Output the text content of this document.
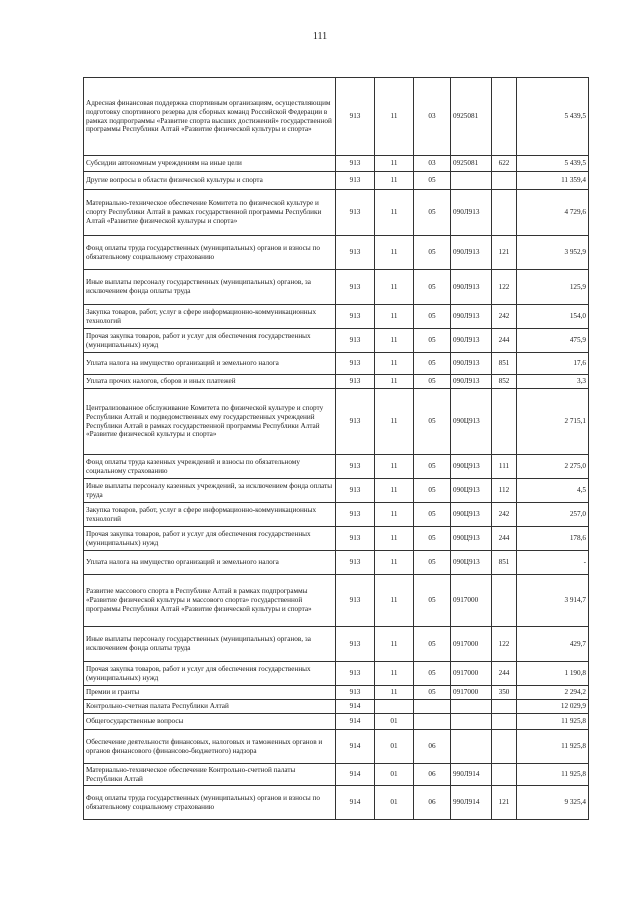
111
Адресная финансовая поддержка спортивным организациям, осуществляющим подготовку спортивного резерва для сборных команд Российской Федерации в рамках подпрограммы «Развитие спорта высших достижений» государственной программы Республики Алтай «Развитие физической культуры и спорта»	913	11	03	0925081		5 439,5
Субсидии автономным учреждениям на иные цели	913	11	03	0925081	622	5 439,5
Другие вопросы в области физической культуры и спорта	913	11	05			11 359,4
Материально-техническое обеспечение Комитета по физической культуре и спорту Республики Алтай в рамках государственной программы Республики Алтай «Развитие физической культуры и спорта»	913	11	05	090Л913		4 729,6
Фонд оплаты труда государственных (муниципальных) органов и взносы по обязательному социальному страхованию	913	11	05	090Л913	121	3 952,9
Иные выплаты персоналу государственных (муниципальных) органов, за исключением фонда оплаты труда	913	11	05	090Л913	122	125,9
Закупка товаров, работ, услуг в сфере информационно-коммуникационных технологий	913	11	05	090Л913	242	154,0
Прочая закупка товаров, работ и услуг для обеспечения государственных (муниципальных) нужд	913	11	05	090Л913	244	475,9
Уплата налога на имущество организаций и земельного налога	913	11	05	090Л913	851	17,6
Уплата прочих налогов, сборов и иных платежей	913	11	05	090Л913	852	3,3
Централизованное обслуживание Комитета по физической культуре и спорту Республики Алтай и подведомственных ему государственных учреждений Республики Алтай в рамках государственной программы Республики Алтай «Развитие физической культуры и спорта»	913	11	05	090Ц913		2 715,1
Фонд оплаты труда казенных учреждений и взносы по обязательному социальному страхованию	913	11	05	090Ц913	111	2 275,0
Иные выплаты персоналу казенных учреждений, за исключением фонда оплаты труда	913	11	05	090Ц913	112	4,5
Закупка товаров, работ, услуг в сфере информационно-коммуникационных технологий	913	11	05	090Ц913	242	257,0
Прочая закупка товаров, работ и услуг для обеспечения государственных (муниципальных) нужд	913	11	05	090Ц913	244	178,6
Уплата налога на имущество организаций и земельного налога	913	11	05	090Ц913	851	-
Развитие массового спорта в Республике Алтай в рамках подпрограммы «Развитие физической культуры и массового спорта» государственной программы Республики Алтай «Развитие физической культуры и спорта»	913	11	05	0917000		3 914,7
Иные выплаты персоналу государственных (муниципальных) органов, за исключением фонда оплаты труда	913	11	05	0917000	122	429,7
Прочая закупка товаров, работ и услуг для обеспечения государственных (муниципальных) нужд	913	11	05	0917000	244	1 190,8
Премии и гранты	913	11	05	0917000	350	2 294,2
Контрольно-счетная палата Республики Алтай	914					12 029,9
Общегосударственные вопросы	914	01				11 925,8
Обеспечение деятельности финансовых, налоговых и таможенных органов и органов финансового (финансово-бюджетного) надзора	914	01	06			11 925,8
Материально-техническое обеспечение Контрольно-счетной палаты Республики Алтай	914	01	06	990Л914		11 925,8
Фонд оплаты труда государственных (муниципальных) органов и взносы по обязательному социальному страхованию	914	01	06	990Л914	121	9 325,4
